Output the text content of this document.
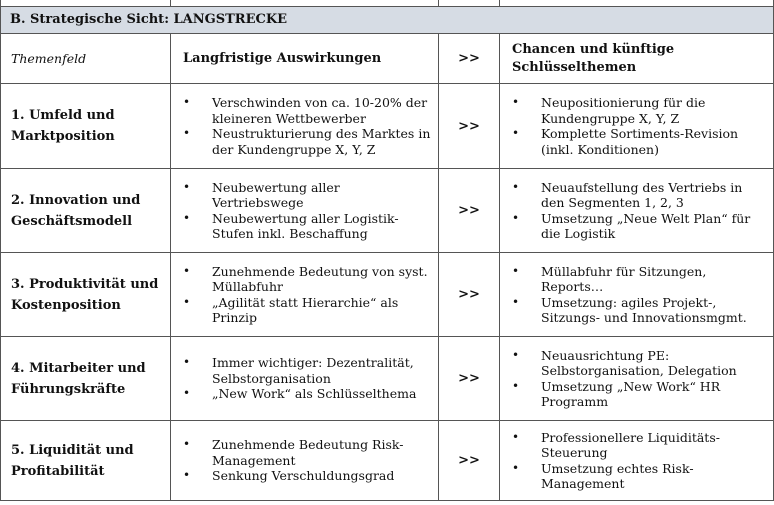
B. Strategische Sicht: LANGSTRECKE
Themenfeld	Langfristige Auswirkungen	>>
Chancen und künftige
Schlüsselthemen
1. Umfeld und
Marktposition
• Verschwinden von ca. 10-20% der kleineren Wettbewerber
• Neustrukturierung des Marktes in der Kundengruppe X, Y, Z
>>
• Neupositionierung für die Kundengruppe X, Y, Z
• Komplette Sortiments-Revision (inkl. Konditionen)
2. Innovation und
Geschäftsmodell
• Neubewertung aller Vertriebswege
• Neubewertung aller Logistik-Stufen inkl. Beschaffung
>>
• Neuaufstellung des Vertriebs in den Segmenten 1, 2, 3
• Umsetzung „Neue Welt Plan“ für die Logistik
3. Produktivität und
Kostenposition
• Zunehmende Bedeutung von syst. Müllabfuhr
• „Agilität statt Hierarchie“ als Prinzip
>>
• Müllabfuhr für Sitzungen, Reports…
• Umsetzung: agiles Projekt-, Sitzungs- und Innovationsmgmt.
4. Mitarbeiter und
Führungskräfte
• Immer wichtiger: Dezentralität, Selbstorganisation
• „New Work“ als Schlüsselthema
>>
• Neuausrichtung PE: Selbstorganisation, Delegation
• Umsetzung „New Work“ HR Programm
5. Liquidität und
Profitabilität
• Zunehmende Bedeutung Risk-Management
• Senkung Verschuldungsgrad
>>
• Professionellere Liquiditäts-Steuerung
• Umsetzung echtes Risk-Management
